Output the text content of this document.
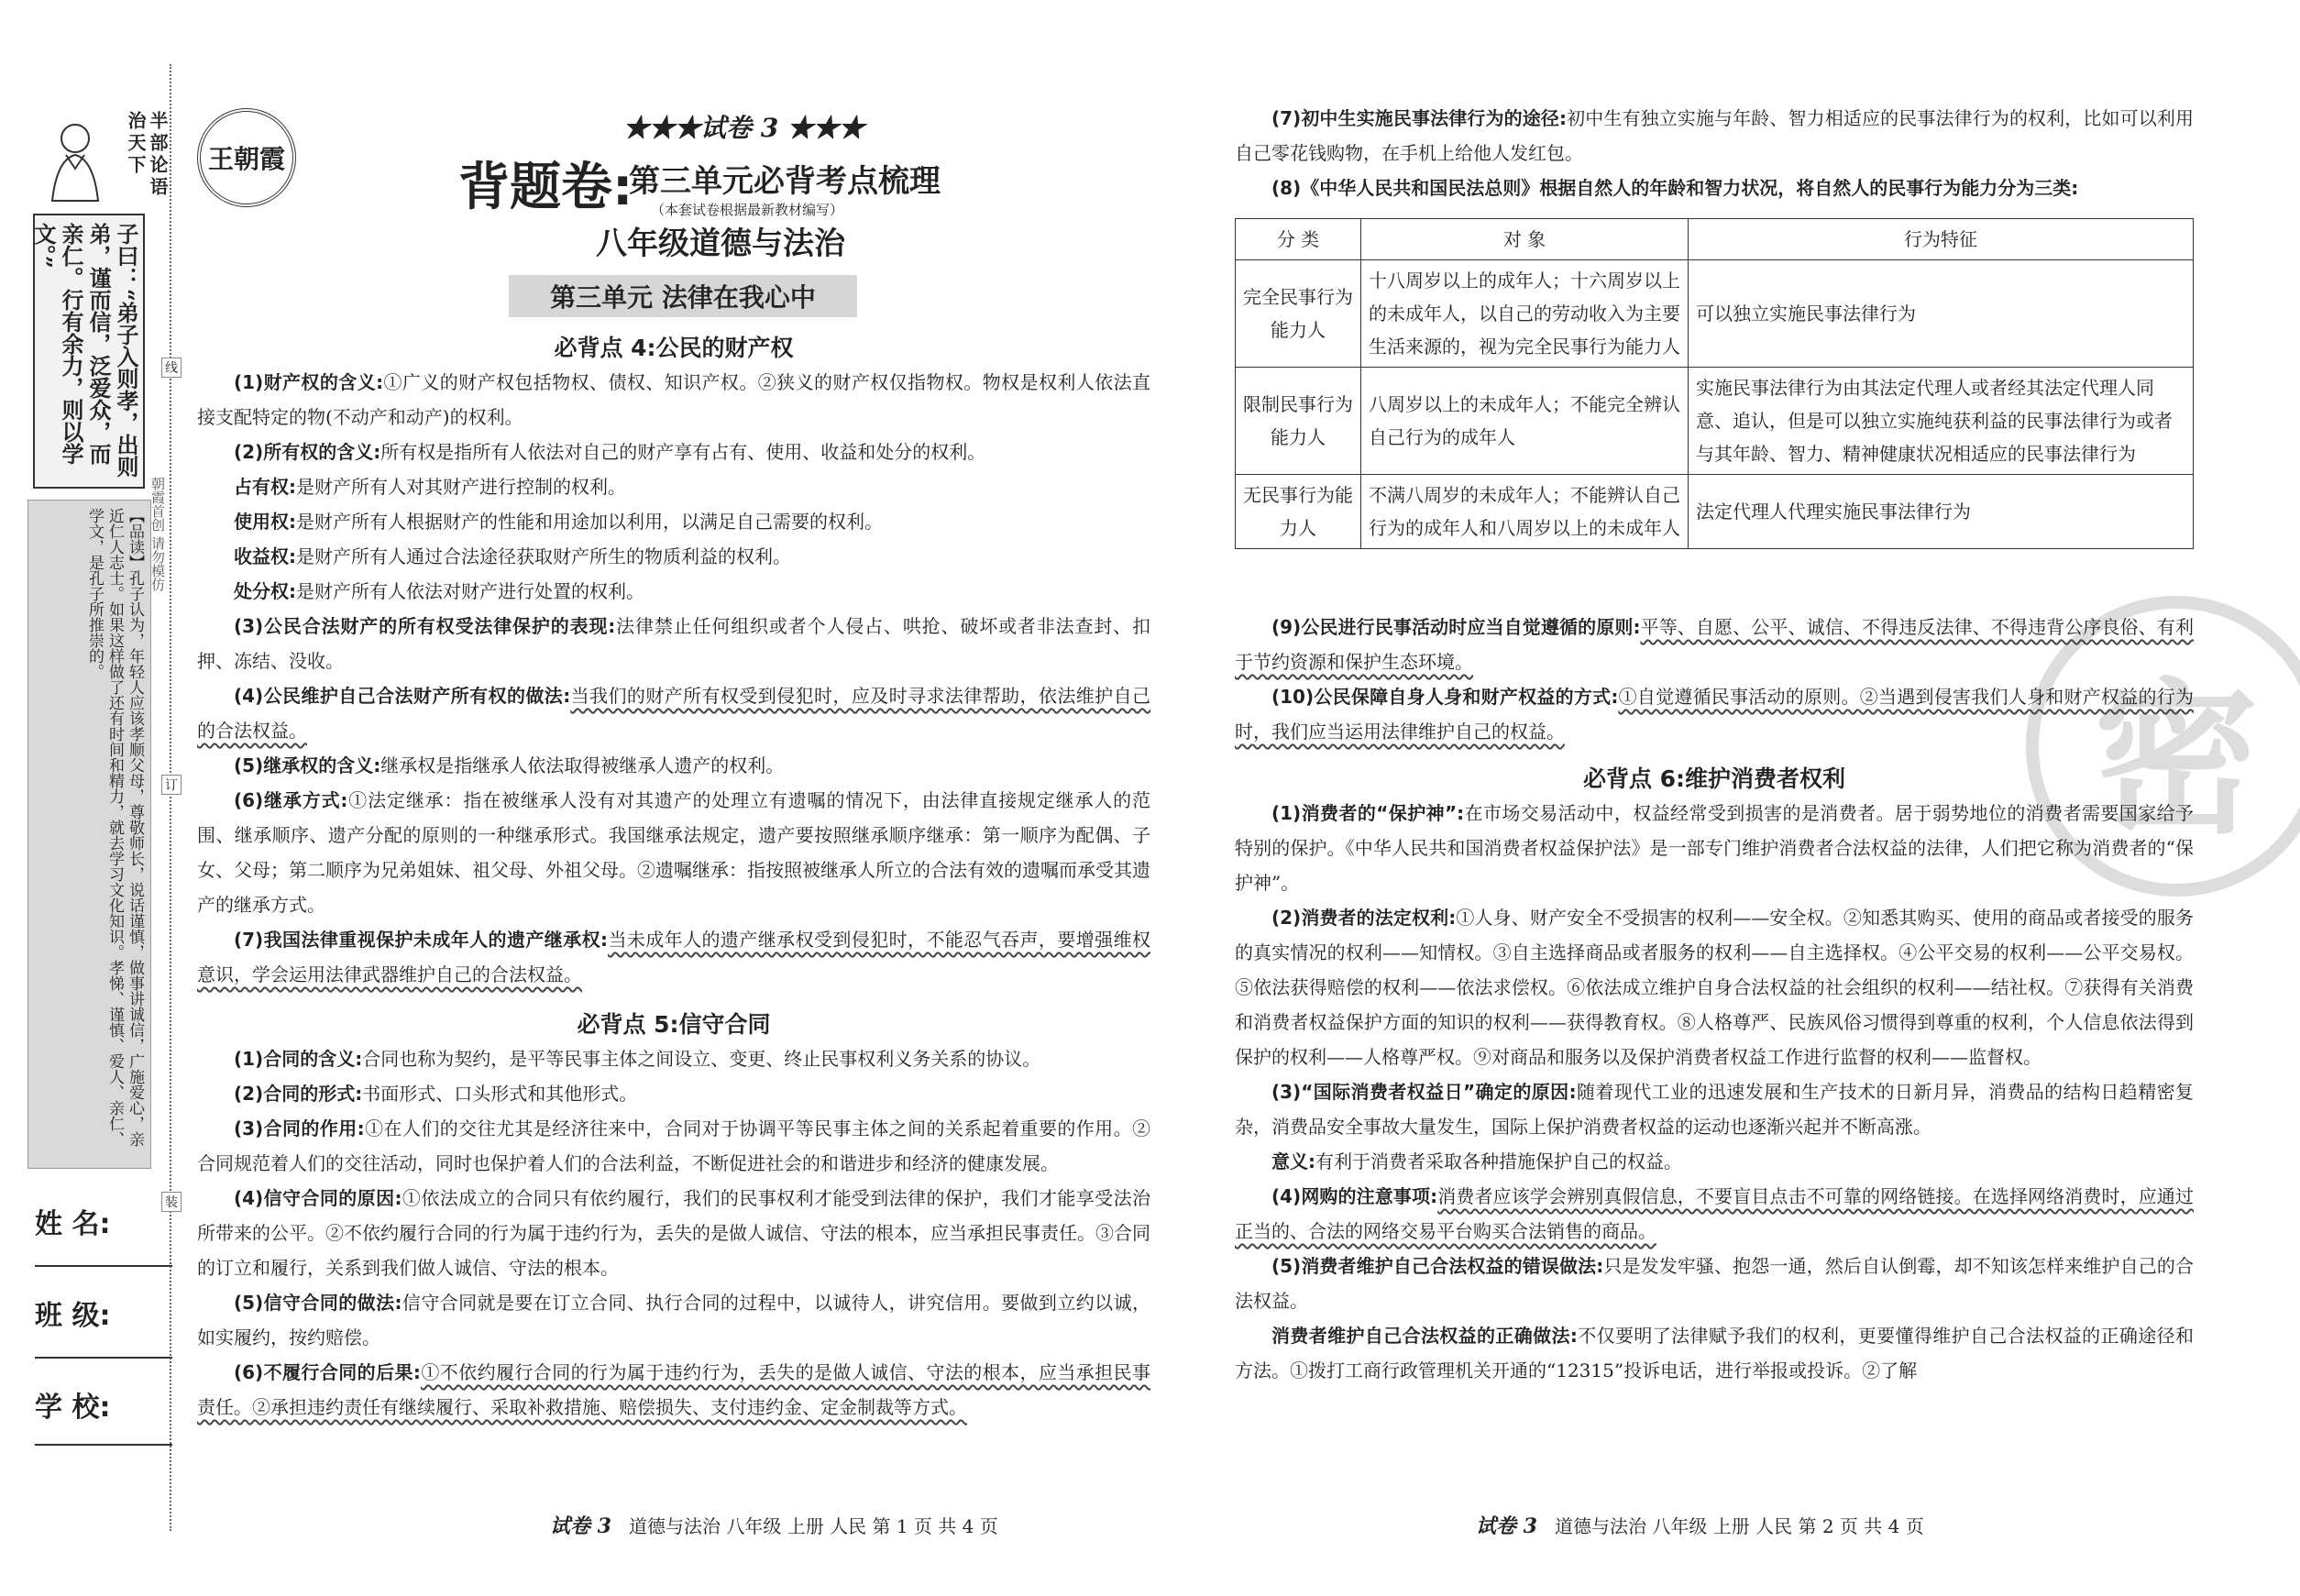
半部论语治天下
子曰：“弟子入则孝，出则弟，谨而信，泛爱众，而亲仁。行有余力，则以学文。”
【品读】孔子认为，年轻人应该孝顺父母，尊敬师长，说话谨慎，做事讲诚信，广施爱心，亲近仁人志士。如果这样做了还有时间和精力，就去学习文化知识。孝悌、谨慎、爱人、亲仁、学文，是孔子所推崇的。
姓 名:
班 级:
学 校:
线
订
装
朝霞首创 请勿模仿
王朝霞
★★★试卷 3 ★★★
背题卷:
第三单元必背考点梳理
（本套试卷根据最新教材编写）
八年级道德与法治
第三单元 法律在我心中
必背点 4:公民的财产权

(1)财产权的含义:①广义的财产权包括物权、债权、知识产权。②狭义的财产权仅指物权。物权是权利人依法直接支配特定的物(不动产和动产)的权利。

(2)所有权的含义:所有权是指所有人依法对自己的财产享有占有、使用、收益和处分的权利。

占有权:是财产所有人对其财产进行控制的权利。

使用权:是财产所有人根据财产的性能和用途加以利用，以满足自己需要的权利。

收益权:是财产所有人通过合法途径获取财产所生的物质利益的权利。

处分权:是财产所有人依法对财产进行处置的权利。

(3)公民合法财产的所有权受法律保护的表现:法律禁止任何组织或者个人侵占、哄抢、破坏或者非法查封、扣押、冻结、没收。

(4)公民维护自己合法财产所有权的做法:当我们的财产所有权受到侵犯时，应及时寻求法律帮助，依法维护自己的合法权益。

(5)继承权的含义:继承权是指继承人依法取得被继承人遗产的权利。

(6)继承方式:①法定继承：指在被继承人没有对其遗产的处理立有遗嘱的情况下，由法律直接规定继承人的范围、继承顺序、遗产分配的原则的一种继承形式。我国继承法规定，遗产要按照继承顺序继承：第一顺序为配偶、子女、父母；第二顺序为兄弟姐妹、祖父母、外祖父母。②遗嘱继承：指按照被继承人所立的合法有效的遗嘱而承受其遗产的继承方式。

(7)我国法律重视保护未成年人的遗产继承权:当未成年人的遗产继承权受到侵犯时，不能忍气吞声，要增强维权意识，学会运用法律武器维护自己的合法权益。

必背点 5:信守合同

(1)合同的含义:合同也称为契约，是平等民事主体之间设立、变更、终止民事权利义务关系的协议。

(2)合同的形式:书面形式、口头形式和其他形式。

(3)合同的作用:①在人们的交往尤其是经济往来中，合同对于协调平等民事主体之间的关系起着重要的作用。②合同规范着人们的交往活动，同时也保护着人们的合法利益，不断促进社会的和谐进步和经济的健康发展。

(4)信守合同的原因:①依法成立的合同只有依约履行，我们的民事权利才能受到法律的保护，我们才能享受法治所带来的公平。②不依约履行合同的行为属于违约行为，丢失的是做人诚信、守法的根本，应当承担民事责任。③合同的订立和履行，关系到我们做人诚信、守法的根本。

(5)信守合同的做法:信守合同就是要在订立合同、执行合同的过程中，以诚待人，讲究信用。要做到立约以诚，如实履约，按约赔偿。

(6)不履行合同的后果:①不依约履行合同的行为属于违约行为，丢失的是做人诚信、守法的根本，应当承担民事责任。②承担违约责任有继续履行、采取补救措施、赔偿损失、支付违约金、定金制裁等方式。

试卷 3 道德与法治 八年级 上册 人民 第 1 页 共 4 页

(7)初中生实施民事法律行为的途径:初中生有独立实施与年龄、智力相适应的民事法律行为的权利，比如可以利用自己零花钱购物，在手机上给他人发红包。

(8)《中华人民共和国民法总则》根据自然人的年龄和智力状况，将自然人的民事行为能力分为三类:

分 类	对 象	行为特征
完全民事行为能力人	十八周岁以上的成年人；十六周岁以上的未成年人，以自己的劳动收入为主要生活来源的，视为完全民事行为能力人	可以独立实施民事法律行为
限制民事行为能力人	八周岁以上的未成年人；不能完全辨认自己行为的成年人	实施民事法律行为由其法定代理人或者经其法定代理人同意、追认，但是可以独立实施纯获利益的民事法律行为或者与其年龄、智力、精神健康状况相适应的民事法律行为
无民事行为能力人	不满八周岁的未成年人；不能辨认自己行为的成年人和八周岁以上的未成年人	法定代理人代理实施民事法律行为
密

(9)公民进行民事活动时应当自觉遵循的原则:平等、自愿、公平、诚信、不得违反法律、不得违背公序良俗、有利于节约资源和保护生态环境。

(10)公民保障自身人身和财产权益的方式:①自觉遵循民事活动的原则。②当遇到侵害我们人身和财产权益的行为时，我们应当运用法律维护自己的权益。

必背点 6:维护消费者权利

(1)消费者的“保护神”:在市场交易活动中，权益经常受到损害的是消费者。居于弱势地位的消费者需要国家给予特别的保护。《中华人民共和国消费者权益保护法》是一部专门维护消费者合法权益的法律，人们把它称为消费者的“保护神”。

(2)消费者的法定权利:①人身、财产安全不受损害的权利——安全权。②知悉其购买、使用的商品或者接受的服务的真实情况的权利——知情权。③自主选择商品或者服务的权利——自主选择权。④公平交易的权利——公平交易权。⑤依法获得赔偿的权利——依法求偿权。⑥依法成立维护自身合法权益的社会组织的权利——结社权。⑦获得有关消费和消费者权益保护方面的知识的权利——获得教育权。⑧人格尊严、民族风俗习惯得到尊重的权利，个人信息依法得到保护的权利——人格尊严权。⑨对商品和服务以及保护消费者权益工作进行监督的权利——监督权。

(3)“国际消费者权益日”确定的原因:随着现代工业的迅速发展和生产技术的日新月异，消费品的结构日趋精密复杂，消费品安全事故大量发生，国际上保护消费者权益的运动也逐渐兴起并不断高涨。

意义:有利于消费者采取各种措施保护自己的权益。

(4)网购的注意事项:消费者应该学会辨别真假信息，不要盲目点击不可靠的网络链接。在选择网络消费时，应通过正当的、合法的网络交易平台购买合法销售的商品。

(5)消费者维护自己合法权益的错误做法:只是发发牢骚、抱怨一通，然后自认倒霉，却不知该怎样来维护自己的合法权益。

消费者维护自己合法权益的正确做法:不仅要明了法律赋予我们的权利，更要懂得维护自己合法权益的正确途径和方法。①拨打工商行政管理机关开通的“12315”投诉电话，进行举报或投诉。②了解

试卷 3 道德与法治 八年级 上册 人民 第 2 页 共 4 页
